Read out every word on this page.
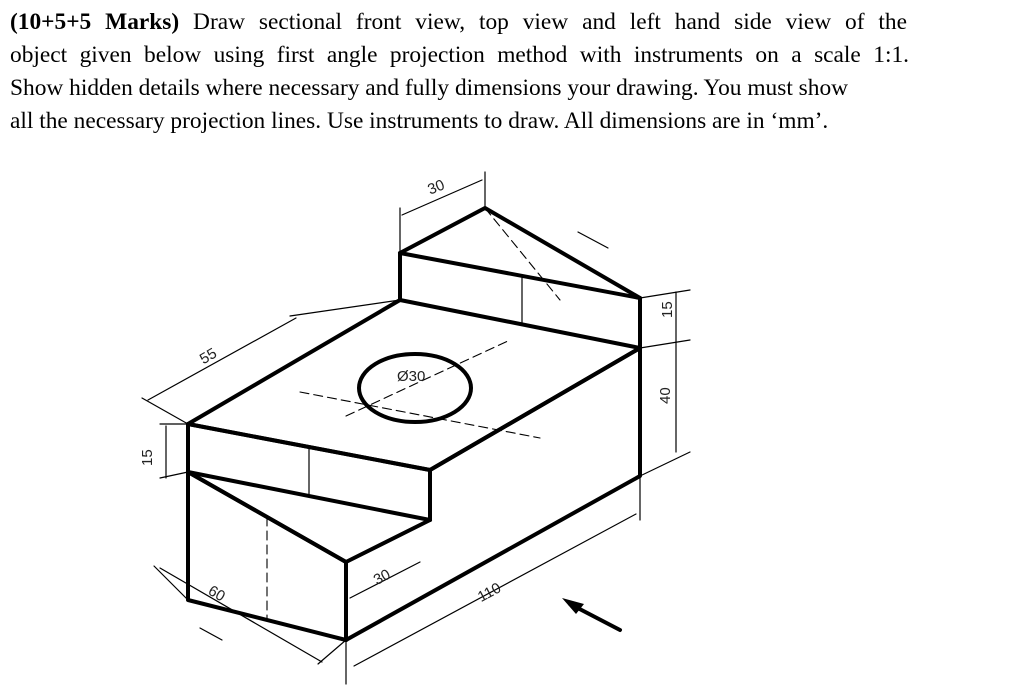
(10+5+5 Marks) Draw sectional front view, top view and left hand side view of the
object given below using first angle projection method with instruments on a scale 1:1.
Show hidden details where necessary and fully dimensions your drawing. You must show
all the necessary projection lines. Use instruments to draw. All dimensions are in ‘mm’.
30
55
Ø30
15
40
15
30
60	110
